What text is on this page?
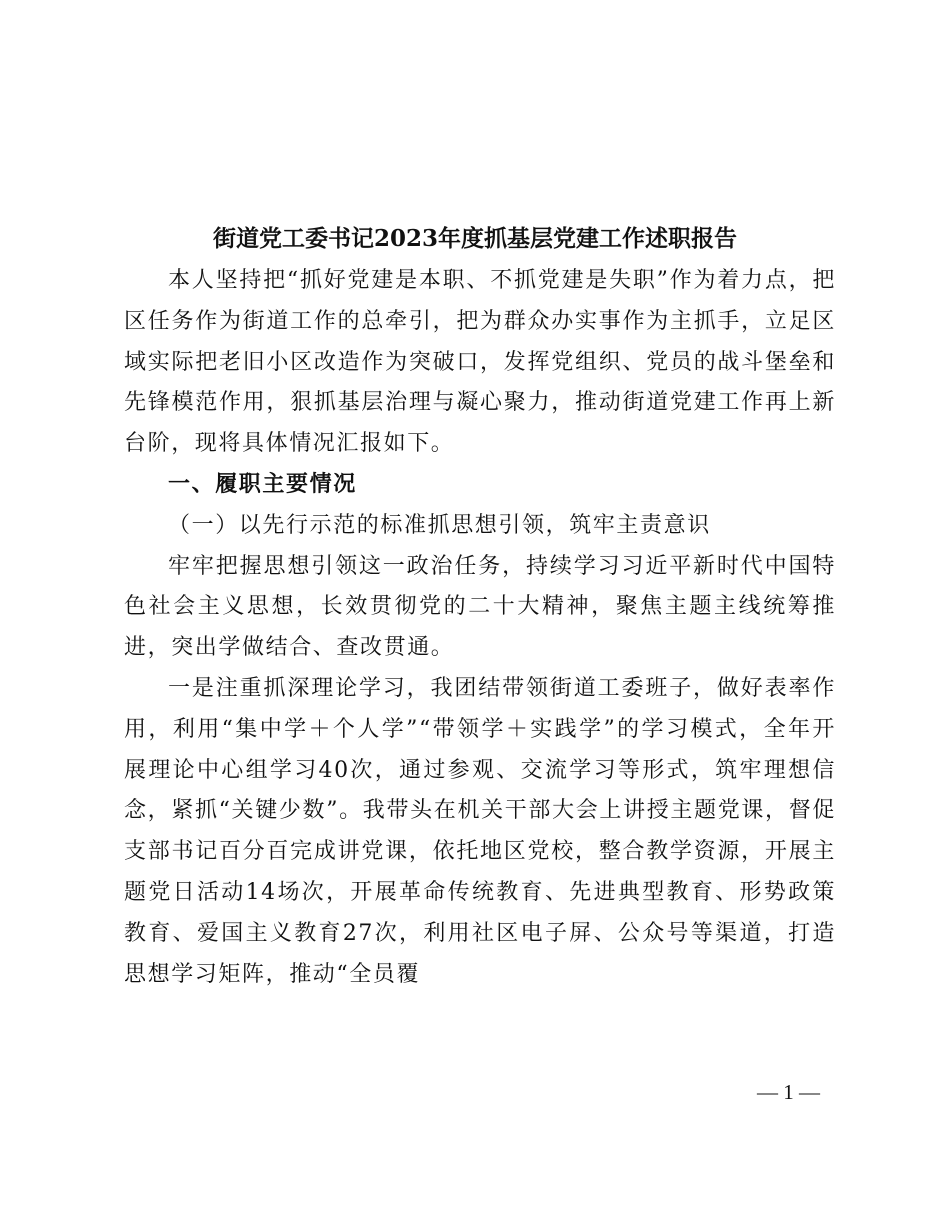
街道党工委书记2023年度抓基层党建工作述职报告

本人坚持把“抓好党建是本职、不抓党建是失职”作为着力点，把区任务作为街道工作的总牵引，把为群众办实事作为主抓手，立足区域实际把老旧小区改造作为突破口，发挥党组织、党员的战斗堡垒和先锋模范作用，狠抓基层治理与凝心聚力，推动街道党建工作再上新台阶，现将具体情况汇报如下。

一、履职主要情况

（一）以先行示范的标准抓思想引领，筑牢主责意识

牢牢把握思想引领这一政治任务，持续学习习近平新时代中国特色社会主义思想，长效贯彻党的二十大精神，聚焦主题主线统筹推进，突出学做结合、查改贯通。

一是注重抓深理论学习，我团结带领街道工委班子，做好表率作用，利用“集中学＋个人学”“带领学＋实践学”的学习模式，全年开展理论中心组学习40次，通过参观、交流学习等形式，筑牢理想信念，紧抓“关键少数”。我带头在机关干部大会上讲授主题党课，督促支部书记百分百完成讲党课，依托地区党校，整合教学资源，开展主题党日活动14场次，开展革命传统教育、先进典型教育、形势政策教育、爱国主义教育27次，利用社区电子屏、公众号等渠道，打造思想学习矩阵，推动“全员覆

— 1 —
